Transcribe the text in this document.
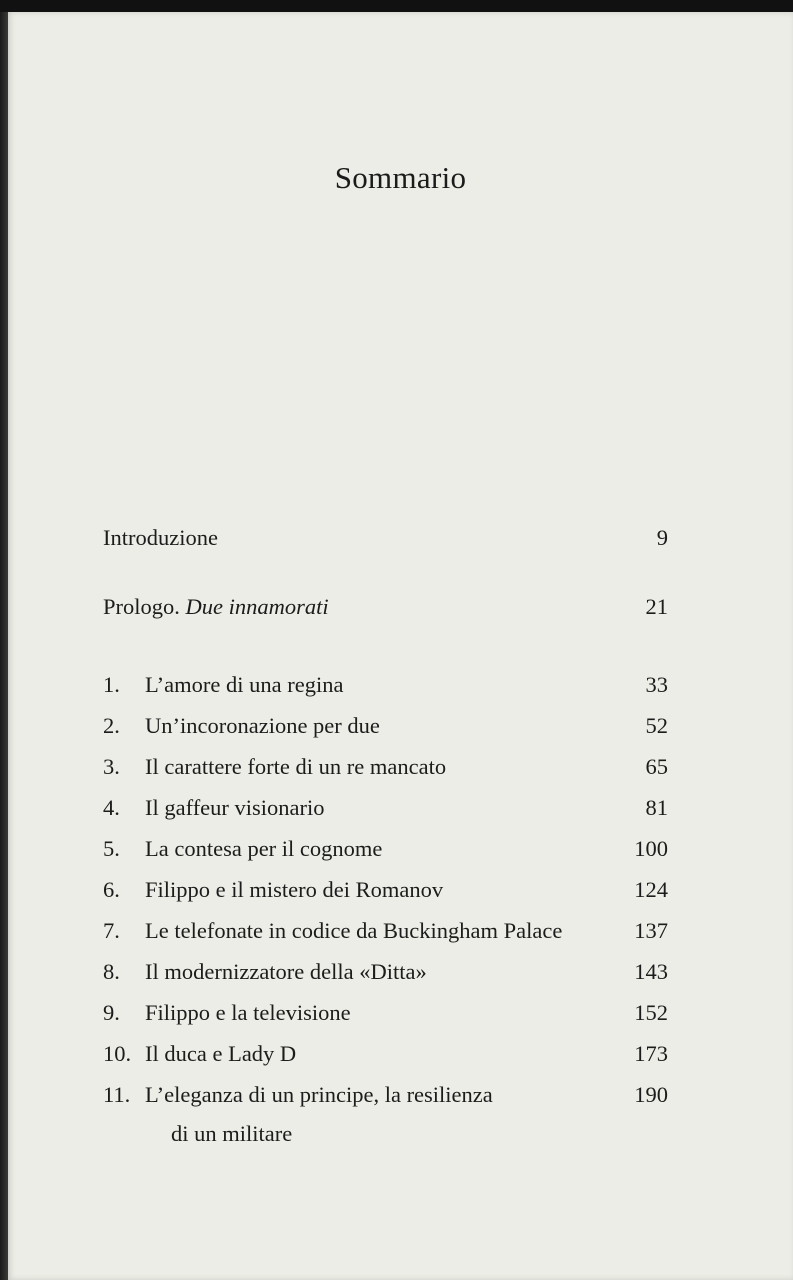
Sommario
Introduzione	9
Prologo. Due innamorati	21
1. L’amore di una regina	33
2. Un’incoronazione per due	52
3. Il carattere forte di un re mancato	65
4. Il gaffeur visionario	81
5. La contesa per il cognome	100
6. Filippo e il mistero dei Romanov	124
7. Le telefonate in codice da Buckingham Palace	137
8. Il modernizzatore della «Ditta»	143
9. Filippo e la televisione	152
10. Il duca e Lady D	173
11. L’eleganza di un principe, la resilienza	190
di un militare
